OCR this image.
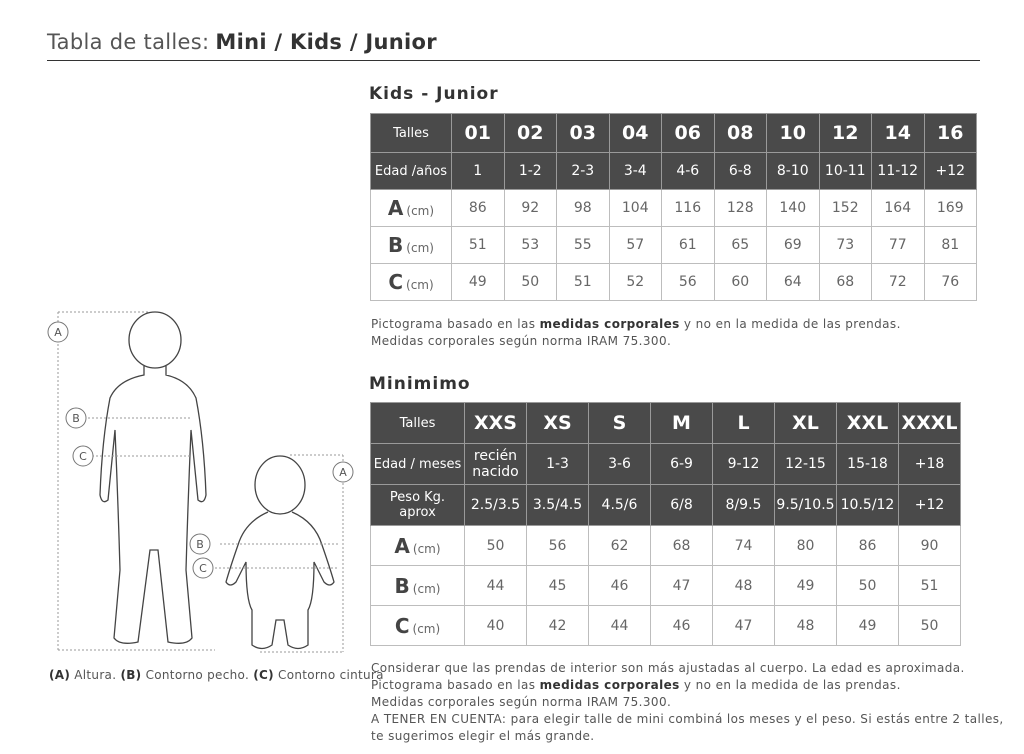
Tabla de talles: Mini / Kids / Junior
Kids - Junior
Talles	01	02	03	04	06	08	10	12	14	16
Edad /años	1	1-2	2-3	3-4	4-6	6-8	8-10	10-11	11-12	+12
A (cm)	86	92	98	104	116	128	140	152	164	169
B (cm)	51	53	55	57	61	65	69	73	77	81
C (cm)	49	50	51	52	56	60	64	68	72	76
Pictograma basado en las medidas corporales y no en la medida de las prendas.
Medidas corporales según norma IRAM 75.300.
Minimimo
Talles	XXS	XS	S	M	L	XL	XXL	XXXL
Edad / meses	recién nacido	1-3	3-6	6-9	9-12	12-15	15-18	+18
Peso Kg. aprox	2.5/3.5	3.5/4.5	4.5/6	6/8	8/9.5	9.5/10.5	10.5/12	+12
A (cm)	50	56	62	68	74	80	86	90
B (cm)	44	45	46	47	48	49	50	51
C (cm)	40	42	44	46	47	48	49	50
Considerar que las prendas de interior son más ajustadas al cuerpo. La edad es aproximada.
Pictograma basado en las medidas corporales y no en la medida de las prendas.
Medidas corporales según norma IRAM 75.300.
A TENER EN CUENTA: para elegir talle de mini combiná los meses y el peso. Si estás entre 2 talles,
te sugerimos elegir el más grande.
A
B
C
A
B
C
(A) Altura. (B) Contorno pecho. (C) Contorno cintura
